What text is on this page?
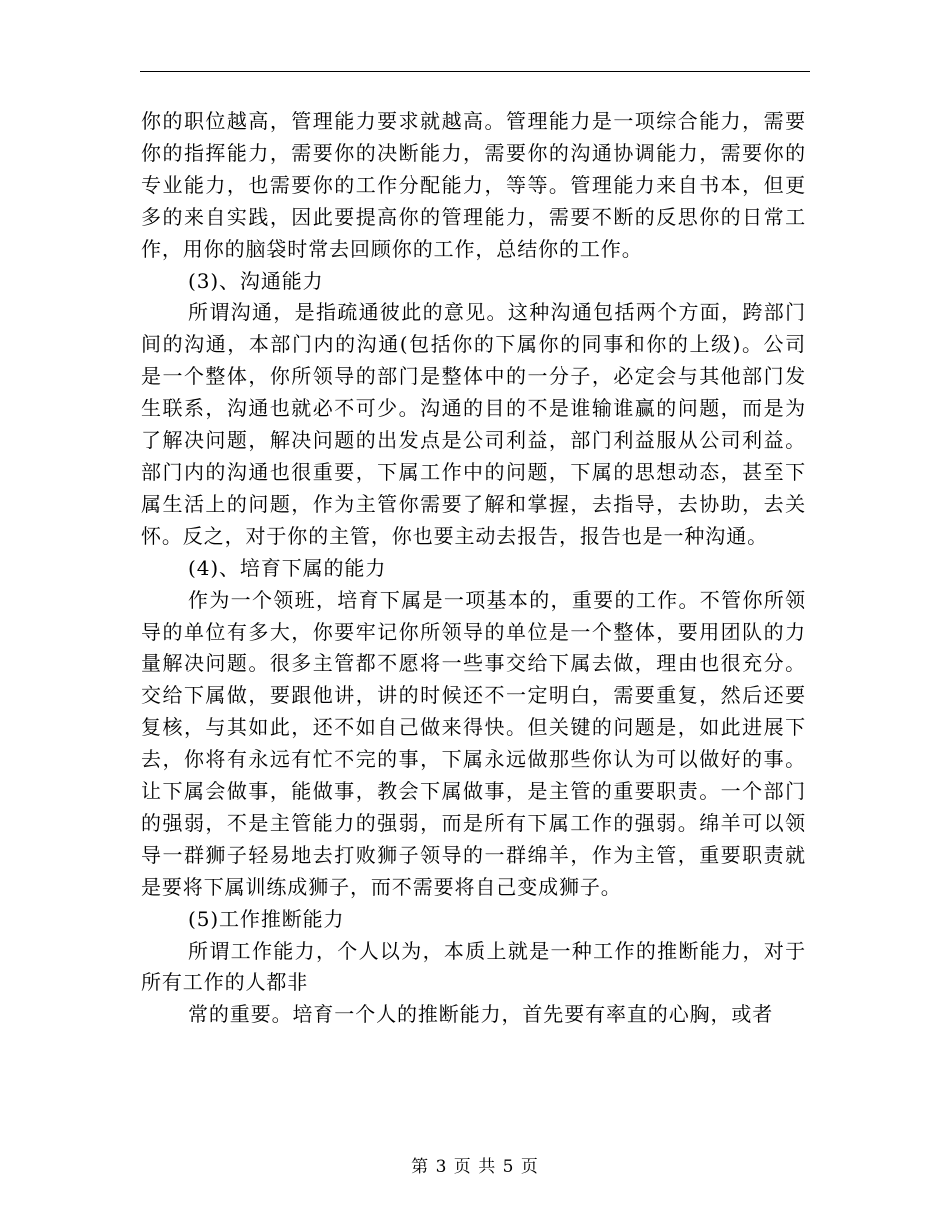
你的职位越高，管理能力要求就越高。管理能力是一项综合能力，需要你的指挥能力，需要你的决断能力，需要你的沟通协调能力，需要你的专业能力，也需要你的工作分配能力，等等。管理能力来自书本，但更多的来自实践，因此要提高你的管理能力，需要不断的反思你的日常工作，用你的脑袋时常去回顾你的工作，总结你的工作。

(3)、沟通能力

所谓沟通，是指疏通彼此的意见。这种沟通包括两个方面，跨部门间的沟通，本部门内的沟通(包括你的下属你的同事和你的上级)。公司是一个整体，你所领导的部门是整体中的一分子，必定会与其他部门发生联系，沟通也就必不可少。沟通的目的不是谁输谁赢的问题，而是为了解决问题，解决问题的出发点是公司利益，部门利益服从公司利益。部门内的沟通也很重要，下属工作中的问题，下属的思想动态，甚至下属生活上的问题，作为主管你需要了解和掌握，去指导，去协助，去关怀。反之，对于你的主管，你也要主动去报告，报告也是一种沟通。

(4)、培育下属的能力

作为一个领班，培育下属是一项基本的，重要的工作。不管你所领导的单位有多大，你要牢记你所领导的单位是一个整体，要用团队的力量解决问题。很多主管都不愿将一些事交给下属去做，理由也很充分。交给下属做，要跟他讲，讲的时候还不一定明白，需要重复，然后还要复核，与其如此，还不如自己做来得快。但关键的问题是，如此进展下去，你将有永远有忙不完的事，下属永远做那些你认为可以做好的事。让下属会做事，能做事，教会下属做事，是主管的重要职责。一个部门的强弱，不是主管能力的强弱，而是所有下属工作的强弱。绵羊可以领导一群狮子轻易地去打败狮子领导的一群绵羊，作为主管，重要职责就是要将下属训练成狮子，而不需要将自己变成狮子。

(5)工作推断能力

所谓工作能力，个人以为，本质上就是一种工作的推断能力，对于所有工作的人都非

常的重要。培育一个人的推断能力，首先要有率直的心胸，或者

第 3 页 共 5 页
